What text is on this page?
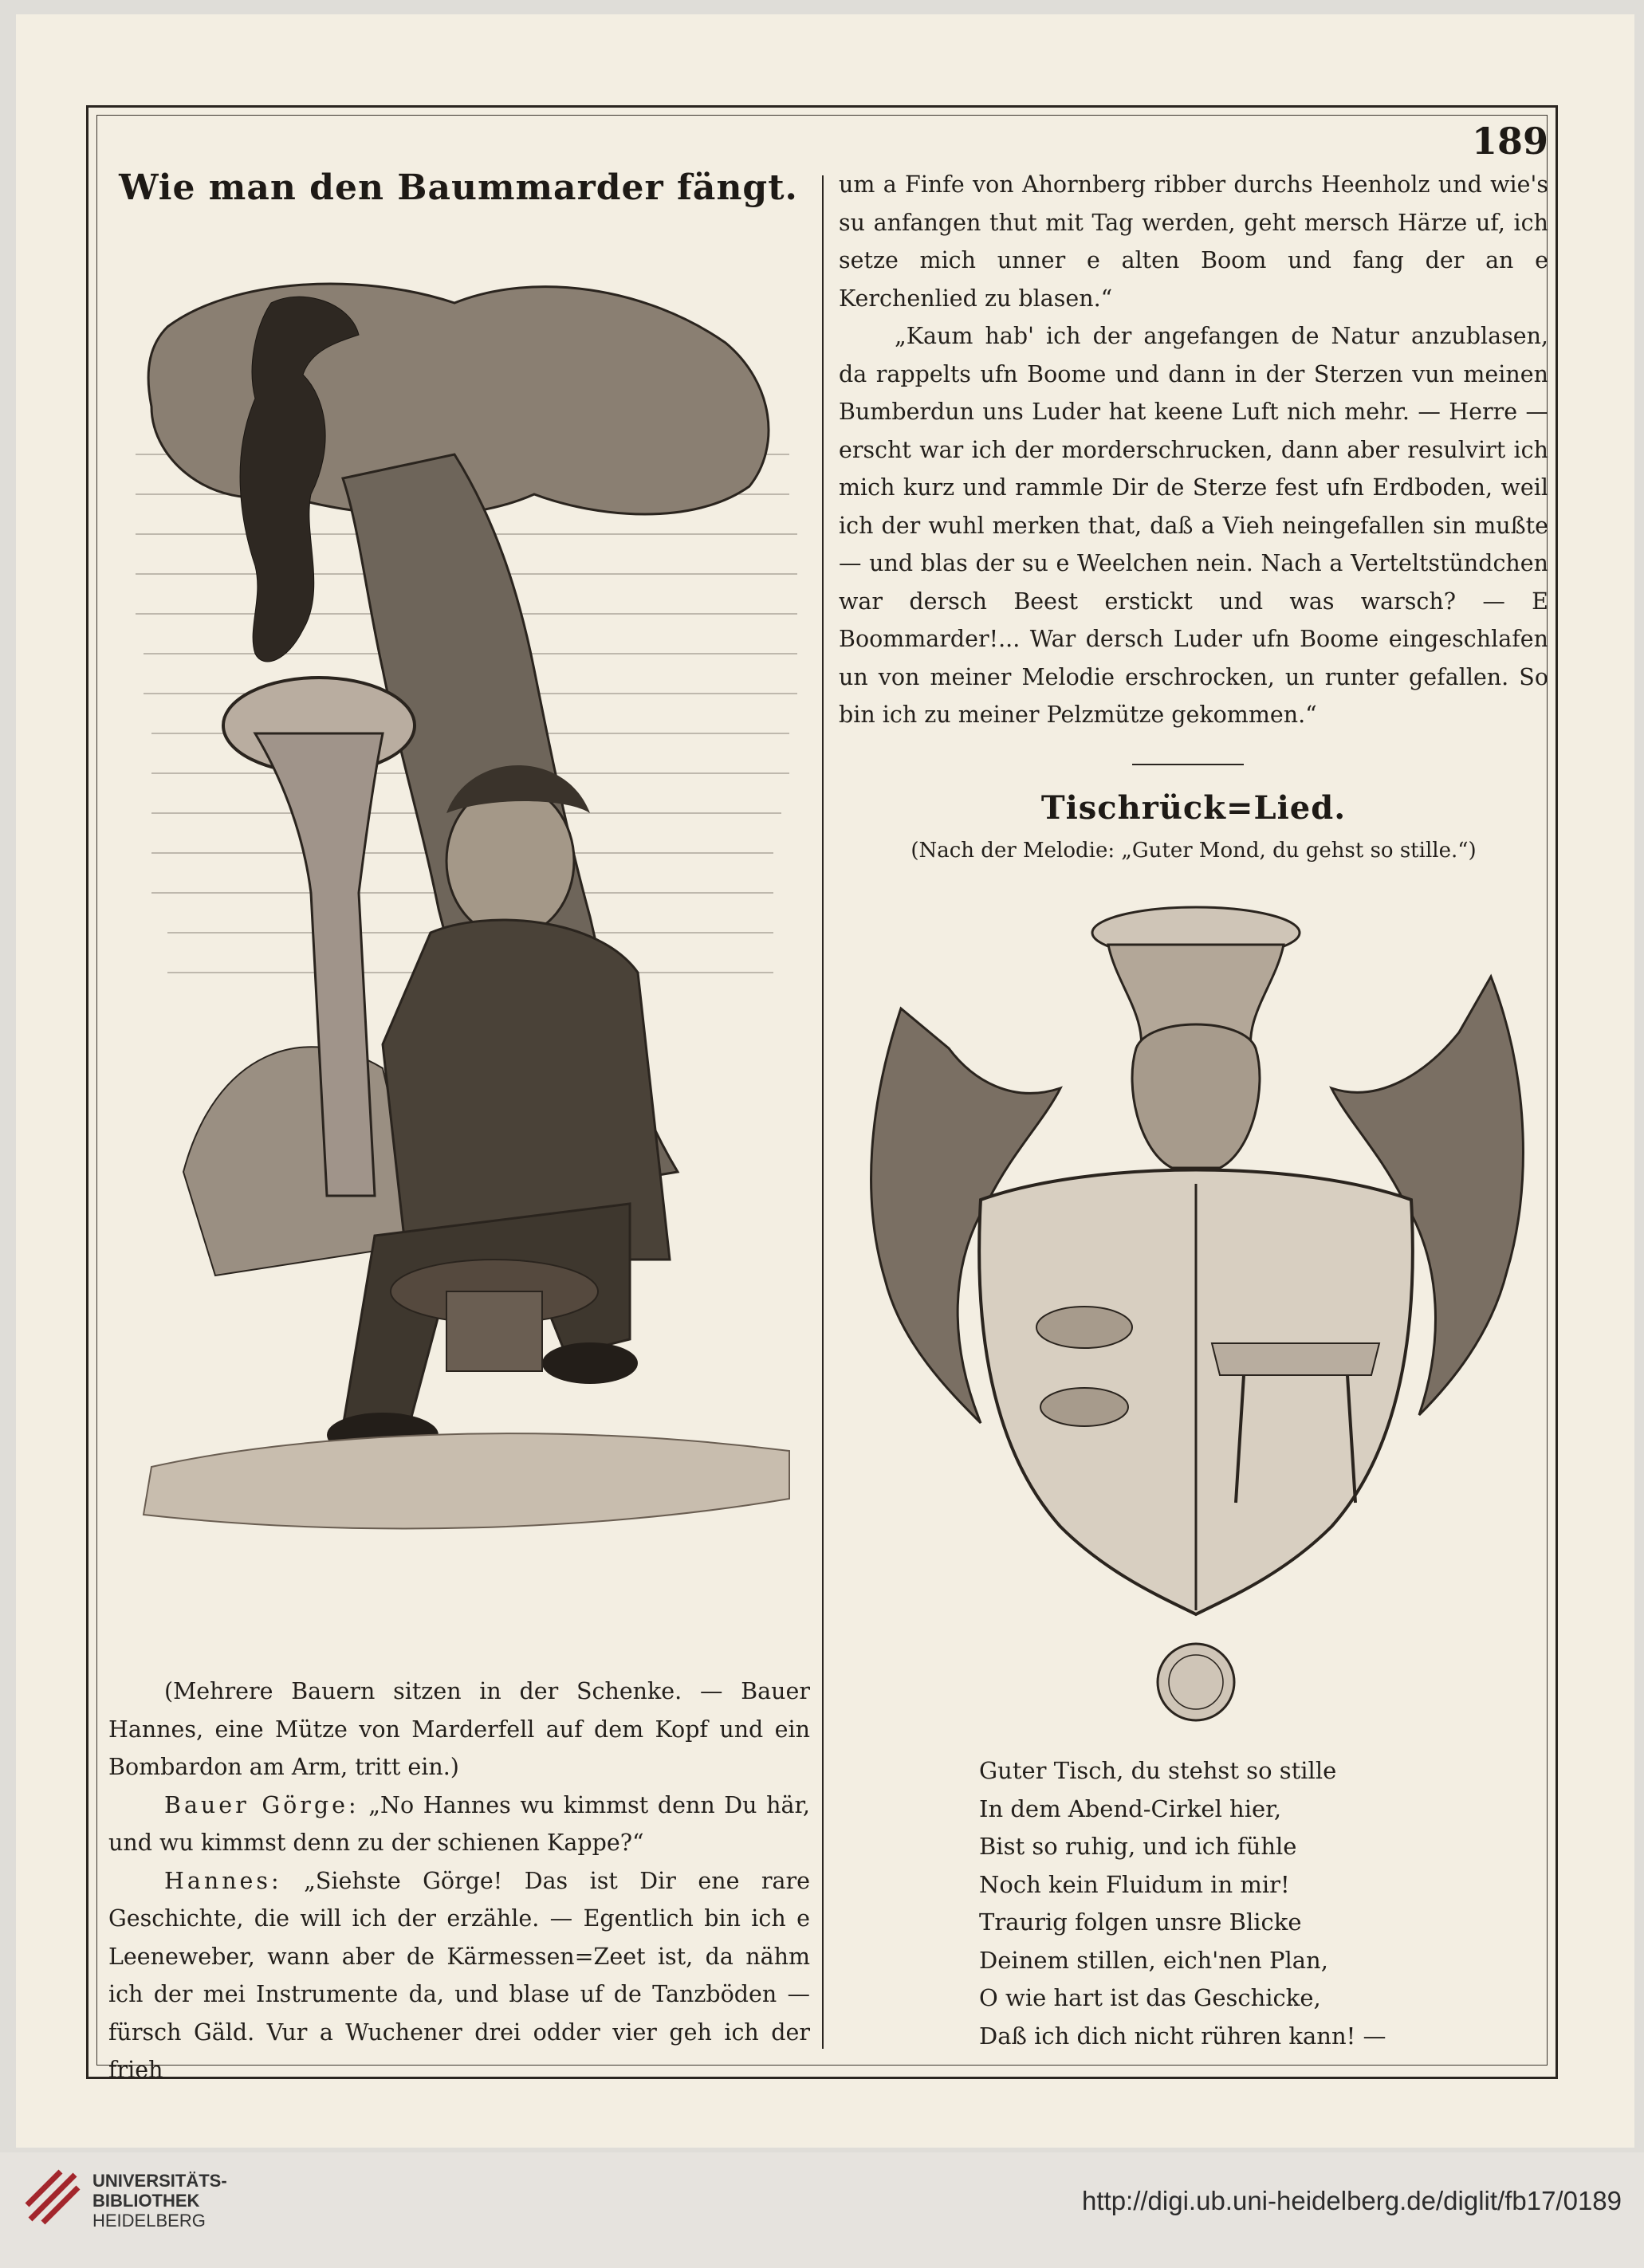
189
Wie man den Baummarder fängt.

(Mehrere Bauern sitzen in der Schenke. — Bauer Hannes, eine Mütze von Marderfell auf dem Kopf und ein Bombardon am Arm, tritt ein.)

Bauer Görge: „No Hannes wu kimmst denn Du här, und wu kimmst denn zu der schienen Kappe?“

Hannes: „Siehste Görge! Das ist Dir ene rare Geschichte, die will ich der erzähle. — Egentlich bin ich e Leeneweber, wann aber de Kärmessen=Zeet ist, da nähm ich der mei Instrumente da, und blase uf de Tanzböden — fürsch Gäld. Vur a Wuchener drei odder vier geh ich der frieh

um a Finfe von Ahornberg ribber durchs Heenholz und wie's su anfangen thut mit Tag werden, geht mersch Härze uf, ich setze mich unner e alten Boom und fang der an e Kerchenlied zu blasen.“

„Kaum hab' ich der angefangen de Natur anzublasen, da rappelts ufn Boome und dann in der Sterzen vun meinen Bumberdun uns Luder hat keene Luft nich mehr. — Herre — erscht war ich der morderschrucken, dann aber resulvirt ich mich kurz und rammle Dir de Sterze fest ufn Erdboden, weil ich der wuhl merken that, daß a Vieh neingefallen sin mußte — und blas der su e Weelchen nein. Nach a Verteltstündchen war dersch Beest erstickt und was warsch? — E Boommarder!... War dersch Luder ufn Boome eingeschlafen un von meiner Melodie erschrocken, un runter gefallen. So bin ich zu meiner Pelzmütze gekommen.“

Tischrück=Lied.
(Nach der Melodie: „Guter Mond, du gehst so stille.“)
Guter Tisch, du stehst so stille
In dem Abend-Cirkel hier,
Bist so ruhig, und ich fühle
Noch kein Fluidum in mir!
Traurig folgen unsre Blicke
Deinem stillen, eich'nen Plan,
O wie hart ist das Geschicke,
Daß ich dich nicht rühren kann! —
UNIVERSITÄTS-
BIBLIOTHEK
HEIDELBERG
http://digi.ub.uni-heidelberg.de/diglit/fb17/0189
